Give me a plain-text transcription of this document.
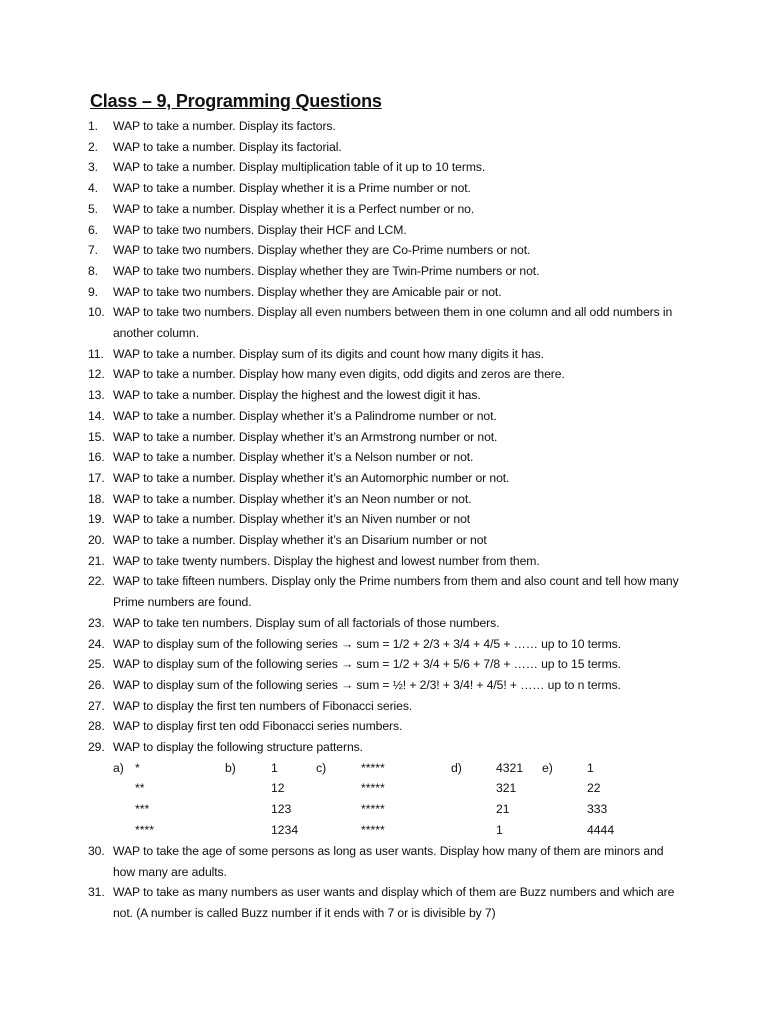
Class – 9, Programming Questions
1. WAP to take a number. Display its factors.
2. WAP to take a number. Display its factorial.
3. WAP to take a number. Display multiplication table of it up to 10 terms.
4. WAP to take a number. Display whether it is a Prime number or not.
5. WAP to take a number. Display whether it is a Perfect number or no.
6. WAP to take two numbers. Display their HCF and LCM.
7. WAP to take two numbers. Display whether they are Co-Prime numbers or not.
8. WAP to take two numbers. Display whether they are Twin-Prime numbers or not.
9. WAP to take two numbers. Display whether they are Amicable pair or not.
10. WAP to take two numbers. Display all even numbers between them in one column and all odd numbers in another column.
11. WAP to take a number. Display sum of its digits and count how many digits it has.
12. WAP to take a number. Display how many even digits, odd digits and zeros are there.
13. WAP to take a number. Display the highest and the lowest digit it has.
14. WAP to take a number. Display whether it’s a Palindrome number or not.
15. WAP to take a number. Display whether it’s an Armstrong number or not.
16. WAP to take a number. Display whether it’s a Nelson number or not.
17. WAP to take a number. Display whether it’s an Automorphic number or not.
18. WAP to take a number. Display whether it’s an Neon number or not.
19. WAP to take a number. Display whether it’s an Niven number or not
20. WAP to take a number. Display whether it’s an Disarium number or not
21. WAP to take twenty numbers. Display the highest and lowest number from them.
22. WAP to take fifteen numbers. Display only the Prime numbers from them and also count and tell how many Prime numbers are found.
23. WAP to take ten numbers. Display sum of all factorials of those numbers.
24. WAP to display sum of the following series → sum = 1/2 + 2/3 + 3/4 + 4/5 + …… up to 10 terms.
25. WAP to display sum of the following series → sum = 1/2 + 3/4 + 5/6 + 7/8 + …… up to 15 terms.
26. WAP to display sum of the following series → sum = ½! + 2/3! + 3/4! + 4/5! + …… up to n terms.
27. WAP to display the first ten numbers of Fibonacci series.
28. WAP to display first ten odd Fibonacci series numbers.
29. WAP to display the following structure patterns.
a) *	b)	1	c)	*****	d)	4321 e)	1
**	12	*****	321	22
***	123	*****	21	333
****	1234	*****	1	4444
30. WAP to take the age of some persons as long as user wants. Display how many of them are minors and how many are adults.
31. WAP to take as many numbers as user wants and display which of them are Buzz numbers and which are not. (A number is called Buzz number if it ends with 7 or is divisible by 7)
